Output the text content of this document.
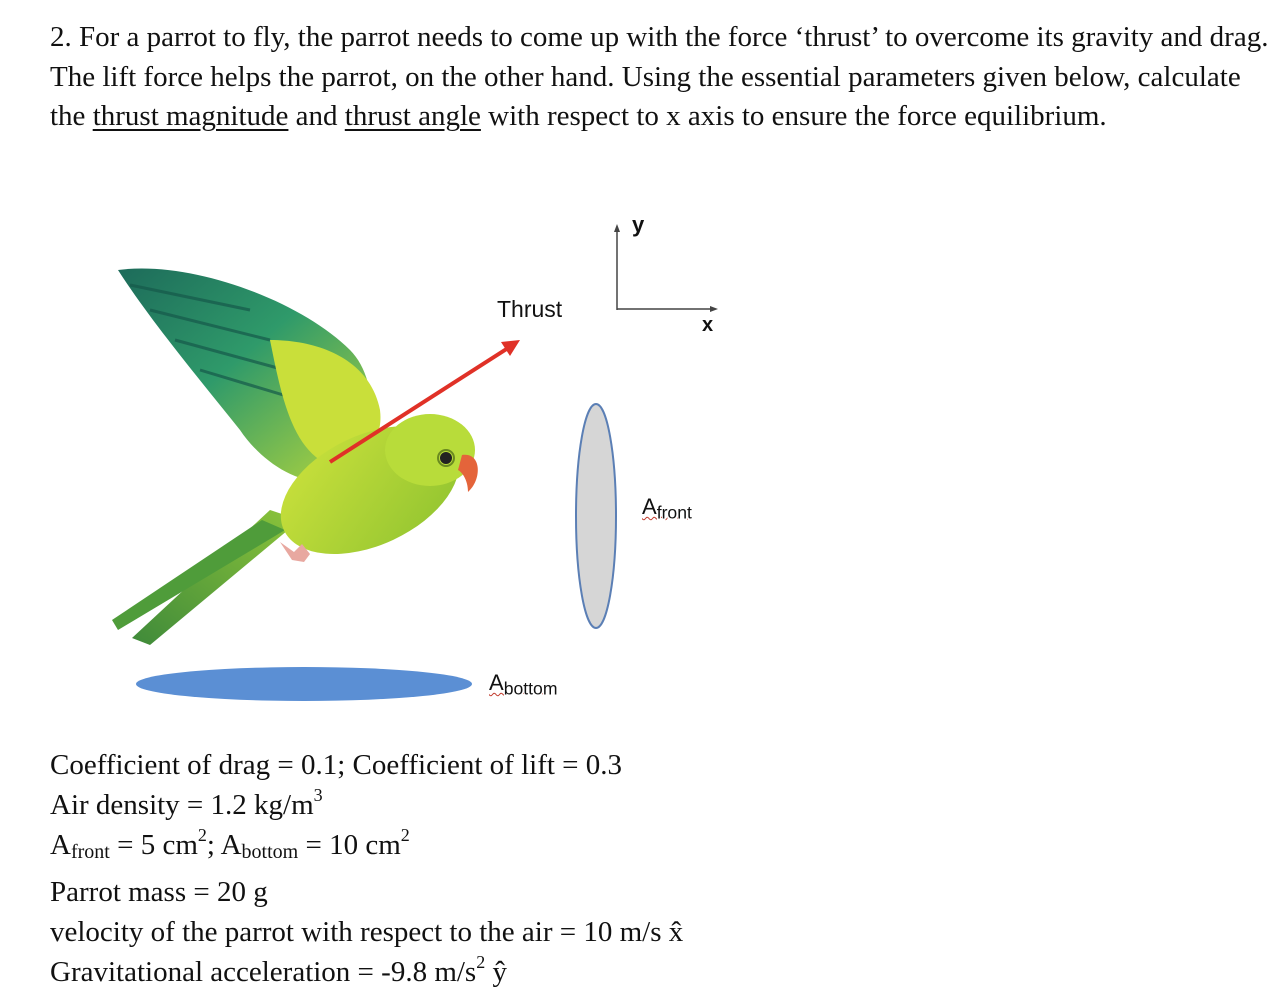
2. For a parrot to fly, the parrot needs to come up with the force ‘thrust’ to overcome its gravity and drag. The lift force helps the parrot, on the other hand. Using the essential parameters given below, calculate the thrust magnitude and thrust angle with respect to x axis to ensure the force equilibrium.

Thrust
y
x
$A_{front}$
$A_{bottom}$
Coefficient of drag = 0.1; Coefficient of lift = 0.3
Air density = 1.2 $kg/m^3$
Afront = 5 $cm^2$; Abottom = 10 $cm^2$
Parrot mass = 20 g
velocity of the parrot with respect to the air = 10 m/s x̂
Gravitational acceleration = -9.8 $m/s^2$ ŷ
